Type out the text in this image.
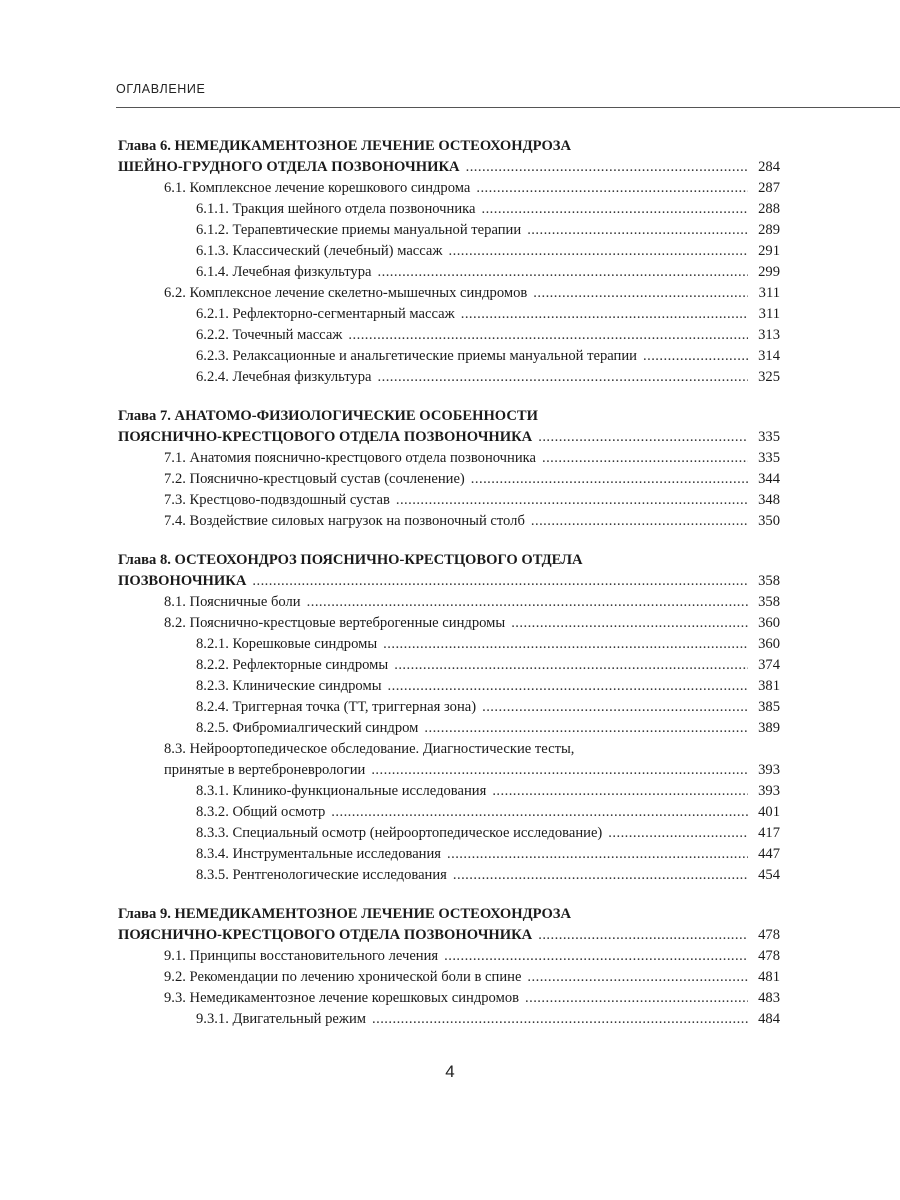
ОГЛАВЛЕНИЕ
Глава 6. НЕМЕДИКАМЕНТОЗНОЕ ЛЕЧЕНИЕ ОСТЕОХОНДРОЗА
ШЕЙНО-ГРУДНОГО ОТДЕЛА ПОЗВОНОЧНИКА . . .	284
6.1. Комплексное лечение корешкового синдрома . . .	287
6.1.1. Тракция шейного отдела позвоночника . . .	288
6.1.2. Терапевтические приемы мануальной терапии . . .	289
6.1.3. Классический (лечебный) массаж . . .	291
6.1.4. Лечебная физкультура . . .	299
6.2. Комплексное лечение скелетно-мышечных синдромов . . .	311
6.2.1. Рефлекторно-сегментарный массаж . . .	311
6.2.2. Точечный массаж . . .	313
6.2.3. Релаксационные и анальгетические приемы мануальной терапии . . .	314
6.2.4. Лечебная физкультура . . .	325
Глава 7. АНАТОМО-ФИЗИОЛОГИЧЕСКИЕ ОСОБЕННОСТИ
ПОЯСНИЧНО-КРЕСТЦОВОГО ОТДЕЛА ПОЗВОНОЧНИКА . . .	335
7.1. Анатомия пояснично-крестцового отдела позвоночника . . .	335
7.2. Пояснично-крестцовый сустав (сочленение) . . .	344
7.3. Крестцово-подвздошный сустав . . .	348
7.4. Воздействие силовых нагрузок на позвоночный столб . . .	350
Глава 8. ОСТЕОХОНДРОЗ ПОЯСНИЧНО-КРЕСТЦОВОГО ОТДЕЛА
ПОЗВОНОЧНИКА . . .	358
8.1. Поясничные боли . . .	358
8.2. Пояснично-крестцовые вертеброгенные синдромы . . .	360
8.2.1. Корешковые синдромы . . .	360
8.2.2. Рефлекторные синдромы . . .	374
8.2.3. Клинические синдромы . . .	381
8.2.4. Триггерная точка (ТТ, триггерная зона) . . .	385
8.2.5. Фибромиалгический синдром . . .	389
8.3. Нейроортопедическое обследование. Диагностические тесты,
принятые в вертеброневрологии . . .	393
8.3.1. Клинико-функциональные исследования . . .	393
8.3.2. Общий осмотр . . .	401
8.3.3. Специальный осмотр (нейроортопедическое исследование) . . .	417
8.3.4. Инструментальные исследования . . .	447
8.3.5. Рентгенологические исследования . . .	454
Глава 9. НЕМЕДИКАМЕНТОЗНОЕ ЛЕЧЕНИЕ ОСТЕОХОНДРОЗА
ПОЯСНИЧНО-КРЕСТЦОВОГО ОТДЕЛА ПОЗВОНОЧНИКА . . .	478
9.1. Принципы восстановительного лечения . . .	478
9.2. Рекомендации по лечению хронической боли в спине . . .	481
9.3. Немедикаментозное лечение корешковых синдромов . . .	483
9.3.1. Двигательный режим . . .	484
4
